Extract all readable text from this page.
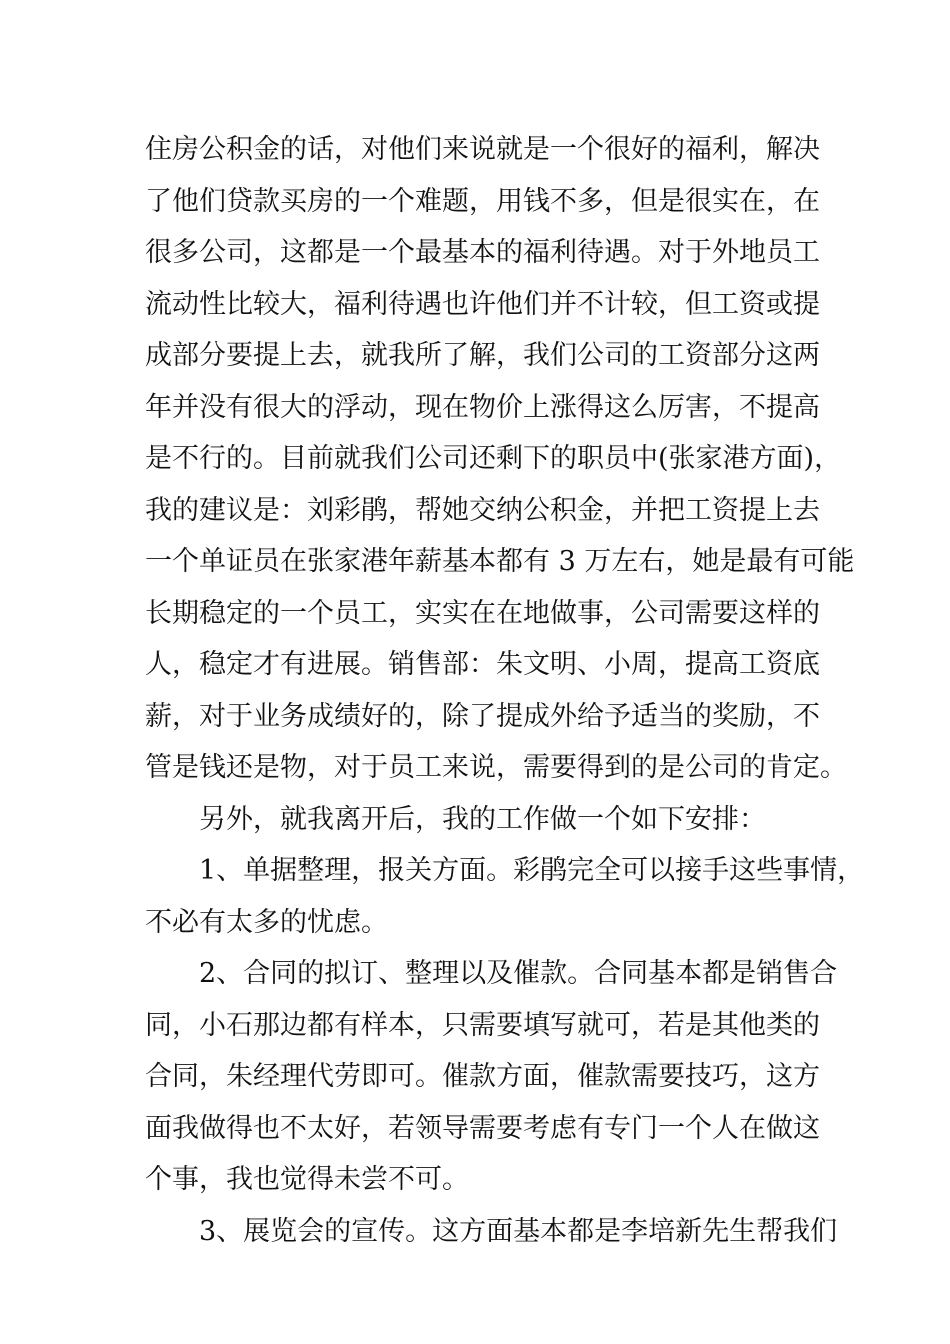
住房公积金的话，对他们来说就是一个很好的福利，解决
了他们贷款买房的一个难题，用钱不多，但是很实在，在
很多公司，这都是一个最基本的福利待遇。对于外地员工
流动性比较大，福利待遇也许他们并不计较，但工资或提
成部分要提上去，就我所了解，我们公司的工资部分这两
年并没有很大的浮动，现在物价上涨得这么厉害，不提高
是不行的。目前就我们公司还剩下的职员中(张家港方面)，
我的建议是：刘彩鹃，帮她交纳公积金，并把工资提上去
一个单证员在张家港年薪基本都有 3 万左右，她是最有可能
长期稳定的一个员工，实实在在地做事，公司需要这样的
人，稳定才有进展。销售部：朱文明、小周，提高工资底
薪，对于业务成绩好的，除了提成外给予适当的奖励，不
管是钱还是物，对于员工来说，需要得到的是公司的肯定。
另外，就我离开后，我的工作做一个如下安排：
1、单据整理，报关方面。彩鹃完全可以接手这些事情，
不必有太多的忧虑。
2、合同的拟订、整理以及催款。合同基本都是销售合
同，小石那边都有样本，只需要填写就可，若是其他类的
合同，朱经理代劳即可。催款方面，催款需要技巧，这方
面我做得也不太好，若领导需要考虑有专门一个人在做这
个事，我也觉得未尝不可。
3、展览会的宣传。这方面基本都是李培新先生帮我们
